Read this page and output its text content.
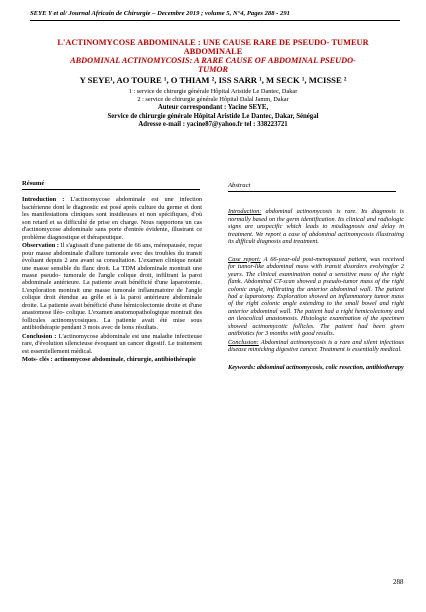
SEYE Y et al/ Journal Africain de Chirurgie – Decembre 2019 ; volume 5, N°4, Pages 288 - 291
L'ACTINOMYCOSE ABDOMINALE : UNE CAUSE RARE DE PSEUDO- TUMEUR
ABDOMINALE
ABDOMINAL ACTINOMYCOSIS: A RARE CAUSE OF ABDOMINAL PSEUDO-
TUMOR
Y SEYE¹, AO TOURE ¹, O THIAM ², ISS SARR ¹, M SECK ¹, MCISSE ²
1 : service de chirurgie générale Hôpital Aristide Le Dantec, Dakar
2 : service de chirurgie générale Hôpital Dalal Jamm, Dakar
Auteur correspondant : Yacine SEYE,
Service de chirurgie générale Hôpital Aristide Le Dantec, Dakar, Sénégal
Adresse e-mail : yacine87@yahoo.fr tel : 338223721
Résumé

Introduction : L'actinomycose abdominale est une infection bactérienne dont le diagnostic est posé après culture du germe et dont les manifestations cliniques sont insidieuses et non spécifiques, d'où son retard et sa difficulté de prise en charge. Nous rapportons un cas d'actinomycose abdominale sans porte d'entrée évidente, illustrant ce problème diagnostique et thérapeutique.

Observation : Il s'agissait d'une patiente de 66 ans, ménopausée, reçue pour masse abdominale d'allure tumorale avec des troubles du transit évoluant depuis 2 ans avant sa consultation. L'examen clinique notait une masse sensible du flanc droit. La TDM abdominale montrait une masse pseudo- tumorale de l'angle colique droit, infiltrant la paroi abdominale antérieure. La patiente avait bénéficié d'une laparotomie. L'exploration montrait une masse tumorale inflammatoire de l'angle colique droit étendue au grêle et à la paroi antérieure abdominale droite. La patiente avait bénéficié d'une hémicolectomie droite et d'une anastomose iléo- colique. L'examen anatomopathologique montrait des follicules actinomycosiques. La patiente avait été mise sous antibiothérapie pendant 3 mois avec de bons résultats.

Conclusion : L'actinomycose abdominale est une maladie infectieuse rare, d'évolution silencieuse évoquant un cancer digestif. Le traitement est essentiellement médical.

Mots- clés : actinomycose abdominale, chirurgie, antibiothérapie

Abstract

Introduction: abdominal actinomycosis is rare. Its diagnosis is normally based on the germ identification. Its clinical and radiologic signs are unspecific which leads to misdiagnosis and delay in treatment. We report a case of abdominal actinomycosis illustrating its difficult diagnosis and treatment.

Case report: A 66-year-old post-menopausal patient, was received for tumor-like abdominal mass with transit disorders evolvingfor 2 years. The clinical examination noted a sensitive mass of the right flank. Abdominal CT-scan showed a pseudo-tumor mass of the right colonic angle, infiltrating the anterior abdominal wall. The patient had a laparotomy. Exploration showed an inflammatory tumor mass of the right colonic angle extending to the small bowel and right anterior abdominal wall. The patient had a right hemicolectomy and an ileocolical anastomosis. Histologic examination of the specimen showed actinomycotic follicles. The patient had been given antibiotics for 3 months with good results.

Conclusion: Abdominal actinomycosis is a rare and silent infectious disease mimicking digestive cancer. Treatment is essentially medical.

Keywords: abdominal actinomycosis, colic resection, antibiotherapy

288
